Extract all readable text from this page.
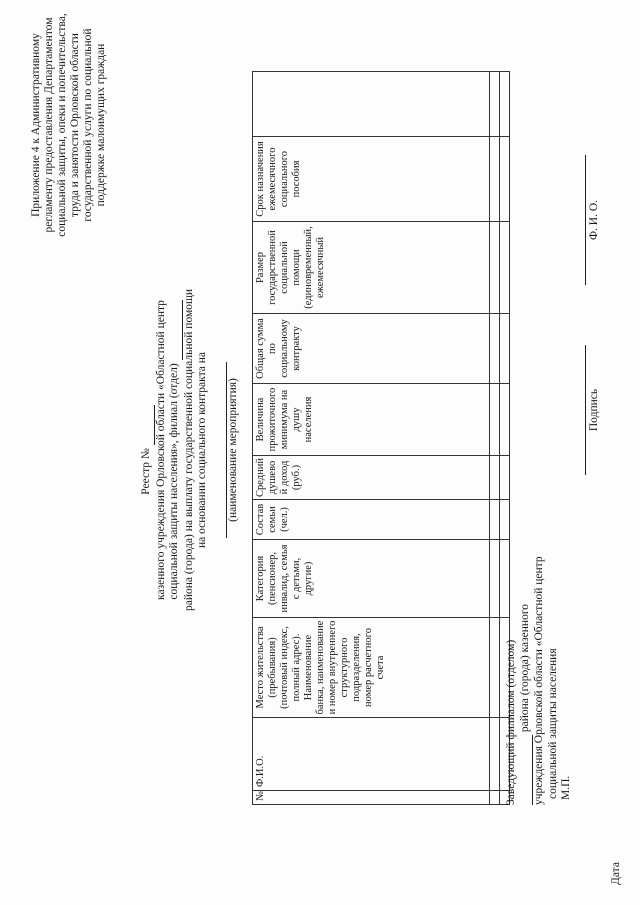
Приложение 4 к Административному регламенту предоставления Департаментом социальной защиты, опеки и попечительства, труда и занятости Орловской области государственной услуги по социальной поддержке малоимущих граждан
Реестр № казенного учреждения Орловской области «Областной центр социальной защиты населения», филиал (отдел) района (города) на выплату государственной социальной помощи на основании социального контракта на (наименование мероприятия)
№	Ф.И.О.	Место жительства (пребывания) (почтовый индекс, полный адрес). Наименование банка, наименование и номер внутреннего структурного подразделения, номер расчетного счета	Категория (пенсионер, инвалид, семья с детьми, другие)	Состав семьи (чел.)	Средний душевой доход (руб.)	Величина прожиточного минимума на душу населения	Общая сумма по социальному контракту	Размер государственной социальной помощи (единовременный, ежемесячный	Срок назначения ежемесячного социального пособия	

Заведующий филиалом (отделом) района (города) казенного учреждения Орловской области «Областной центр социальной защиты населения М.П.
Подпись
Ф. И. О.
Дата
